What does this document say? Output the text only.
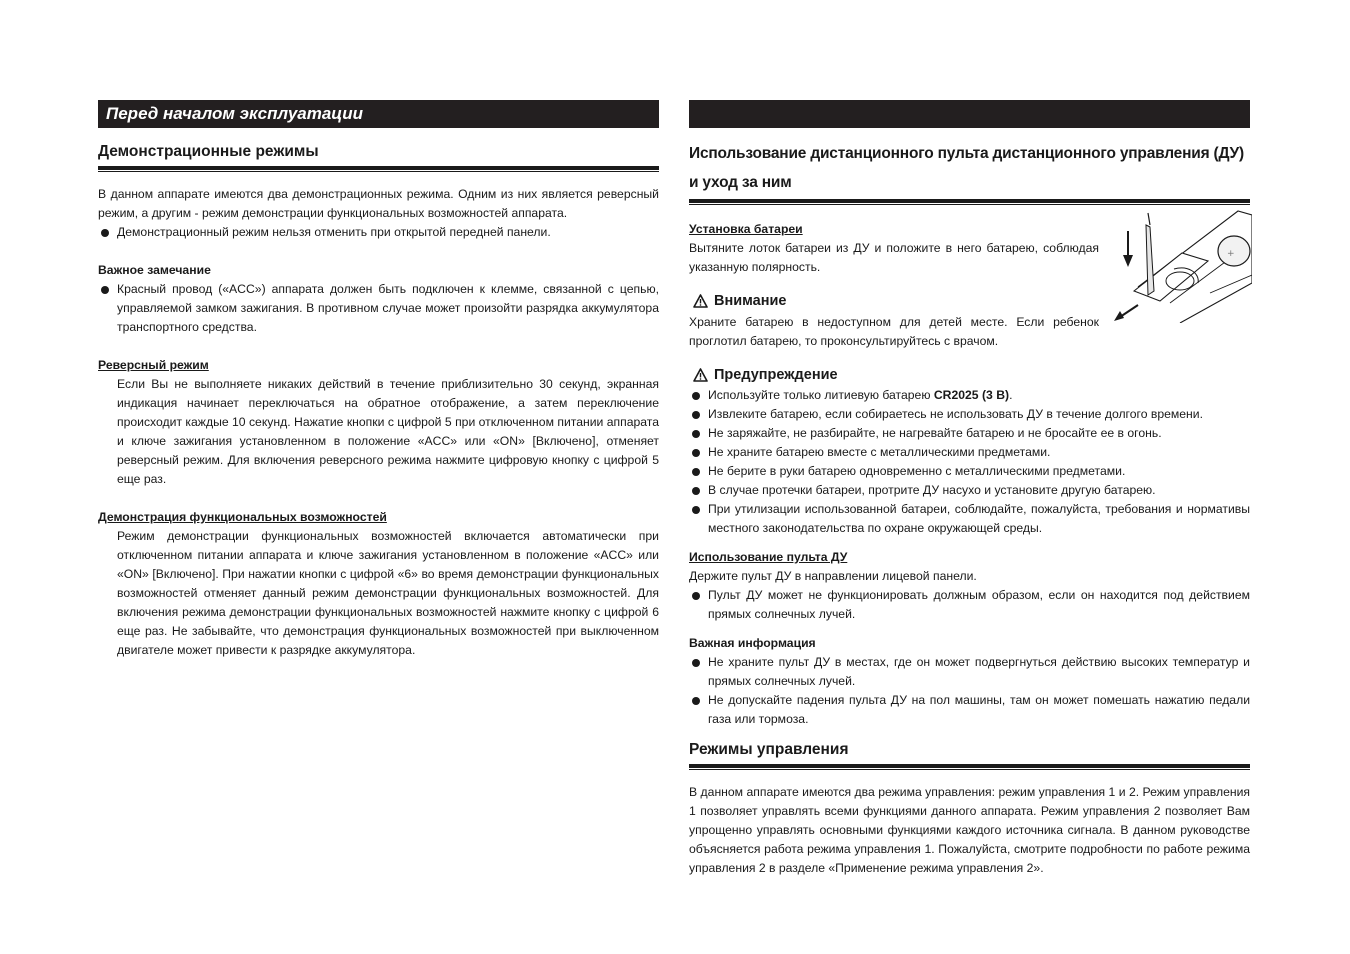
Перед началом эксплуатации
Демонстрационные режимы

В данном аппарате имеются два демонстрационных режима. Одним из них является реверсный режим, а другим - режим демонстрации функциональных возможностей аппарата.

Демонстрационный режим нельзя отменить при открытой передней панели.

Важное замечание

Красный провод («ACC») аппарата должен быть подключен к клемме, связанной с цепью, управляемой замком зажигания. В противном случае может произойти разрядка аккумулятора транспортного средства.

Реверсный режим

Если Вы не выполняете никаких действий в течение приблизительно 30 секунд, экранная индикация начинает переключаться на обратное отображение, а затем переключение происходит каждые 10 секунд. Нажатие кнопки с цифрой 5 при отключенном питании аппарата и ключе зажигания установленном в положение «ACC» или «ON» [Включено], отменяет реверсный режим. Для включения реверсного режима нажмите цифровую кнопку с цифрой 5 еще раз.

Демонстрация функциональных возможностей

Режим демонстрации функциональных возможностей включается автоматически при отключенном питании аппарата и ключе зажигания установленном в положение «ACC» или «ON» [Включено]. При нажатии кнопки с цифрой «6» во время демонстрации функциональных возможностей отменяет данный режим демонстрации функциональных возможностей. Для включения режима демонстрации функциональных возможностей нажмите кнопку с цифрой 6 еще раз. Не забывайте, что демонстрация функциональных возможностей при выключенном двигателе может привести к разрядке аккумулятора.

Использование дистанционного пульта дистанционного управления (ДУ) и уход за ним

Установка батареи

Вытяните лоток батареи из ДУ и положите в него батарею, соблюдая указанную полярность.

Внимание

Храните батарею в недоступном для детей месте. Если ребенок проглотил батарею, то проконсультируйтесь с врачом.

Предупреждение
Используйте только литиевую батарею CR2025 (3 В).
Извлеките батарею, если собираетесь не использовать ДУ в течение долгого времени.
Не заряжайте, не разбирайте, не нагревайте батарею и не бросайте ее в огонь.
Не храните батарею вместе с металлическими предметами.
Не берите в руки батарею одновременно с металлическими предметами.
В случае протечки батареи, протрите ДУ насухо и установите другую батарею.
При утилизации использованной батареи, соблюдайте, пожалуйста, требования и нормативы местного законодательства по охране окружающей среды.

Использование пульта ДУ

Держите пульт ДУ в направлении лицевой панели.

Пульт ДУ может не функционировать должным образом, если он находится под действием прямых солнечных лучей.

Важная информация

Не храните пульт ДУ в местах, где он может подвергнуться действию высоких температур и прямых солнечных лучей.
Не допускайте падения пульта ДУ на пол машины, там он может помешать нажатию педали газа или тормоза.
Режимы управления

В данном аппарате имеются два режима управления: режим управления 1 и 2. Режим управления 1 позволяет управлять всеми функциями данного аппарата. Режим управления 2 позволяет Вам упрощенно управлять основными функциями каждого источника сигнала. В данном руководстве объясняется работа режима управления 1. Пожалуйста, смотрите подробности по работе режима управления 2 в разделе «Применение режима управления 2».

+
